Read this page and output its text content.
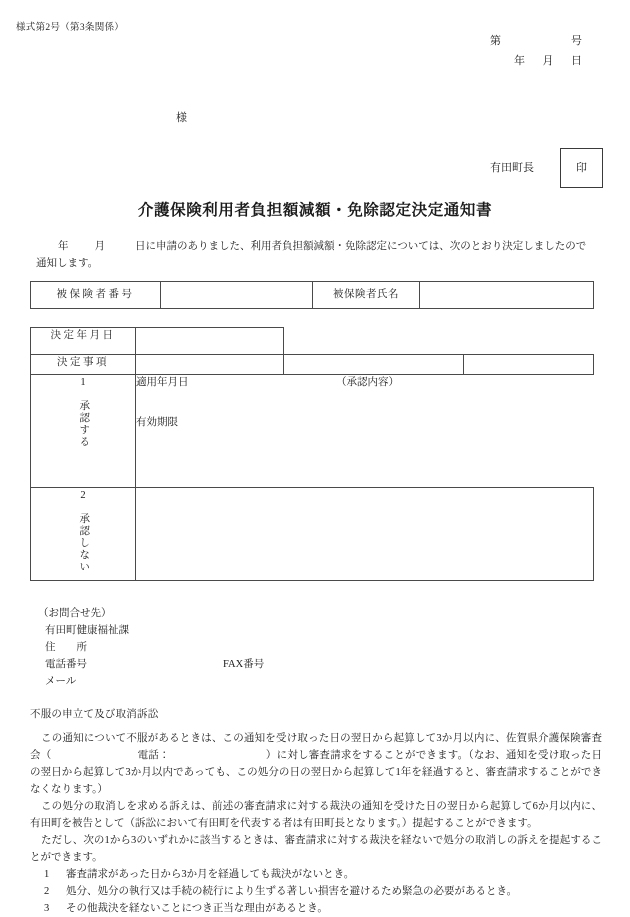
様式第2号（第3条関係）
第	号
年 月 日
様
有田町長	印
介護保険利用者負担額減額・免除認定決定通知書
年 月	日に申請のありました、利用者負担額減額・免除認定については、次のとおり決定しましたので
通知します。
被保険者番号		被保険者氏名	
決定年月日			
決定事項			

1
承認する	
適用年月日	（承認内容）
有効期限

2
承認しない			
（お問合せ先）
有田町健康福祉課
住　　所
電話番号	FAX番号
メール
不服の申立て及び取消訴訟

この通知について不服があるときは、この通知を受け取った日の翌日から起算して3か月以内に、佐賀県介護保険審査会（	電話：	）に対し審査請求をすることができます。（なお、通知を受け取った日の翌日から起算して3か月以内であっても、この処分の日の翌日から起算して1年を経過すると、審査請求することができなくなります。）

この処分の取消しを求める訴えは、前述の審査請求に対する裁決の通知を受けた日の翌日から起算して6か月以内に、有田町を被告として（訴訟において有田町を代表する者は有田町長となります。）提起することができます。

ただし、次の1から3のいずれかに該当するときは、審査請求に対する裁決を経ないで処分の取消しの訴えを提起することができます。

1	審査請求があった日から3か月を経過しても裁決がないとき。
2	処分、処分の執行又は手続の続行により生ずる著しい損害を避けるため緊急の必要があるとき。
3	その他裁決を経ないことにつき正当な理由があるとき。
